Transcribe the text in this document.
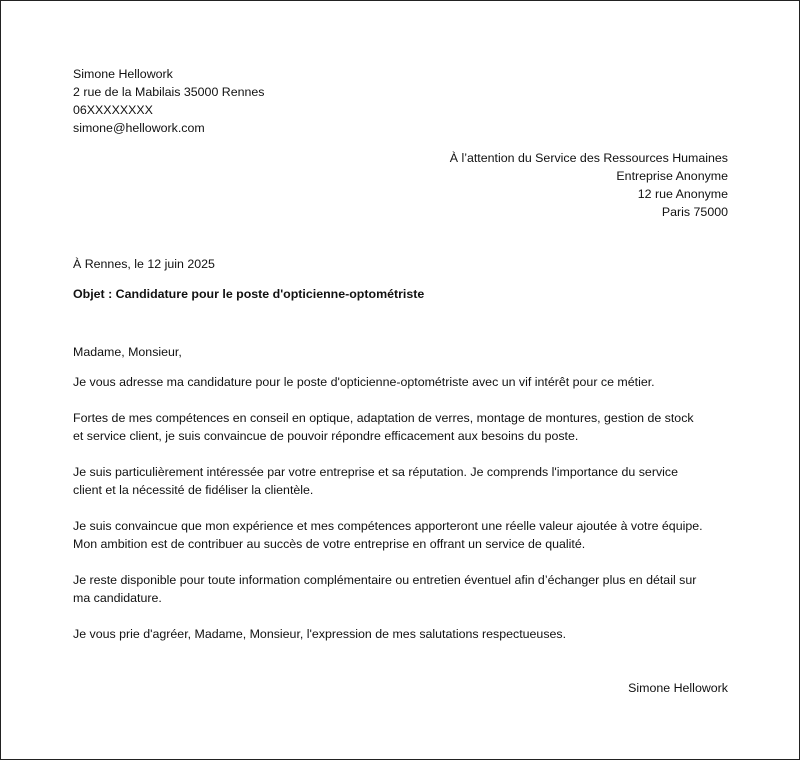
Simone Hellowork
2 rue de la Mabilais 35000 Rennes
06XXXXXXXX
simone@hellowork.com
À l’attention du Service des Ressources Humaines
Entreprise Anonyme
12 rue Anonyme
Paris 75000
À Rennes, le 12 juin 2025
Objet : Candidature pour le poste d'opticienne-optométriste
Madame, Monsieur,
Je vous adresse ma candidature pour le poste d'opticienne-optométriste avec un vif intérêt pour ce métier.
Fortes de mes compétences en conseil en optique, adaptation de verres, montage de montures, gestion de stock
et service client, je suis convaincue de pouvoir répondre efficacement aux besoins du poste.
Je suis particulièrement intéressée par votre entreprise et sa réputation. Je comprends l'importance du service
client et la nécessité de fidéliser la clientèle.
Je suis convaincue que mon expérience et mes compétences apporteront une réelle valeur ajoutée à votre équipe.
Mon ambition est de contribuer au succès de votre entreprise en offrant un service de qualité.
Je reste disponible pour toute information complémentaire ou entretien éventuel afin d’échanger plus en détail sur
ma candidature.
Je vous prie d'agréer, Madame, Monsieur, l'expression de mes salutations respectueuses.
Simone Hellowork
